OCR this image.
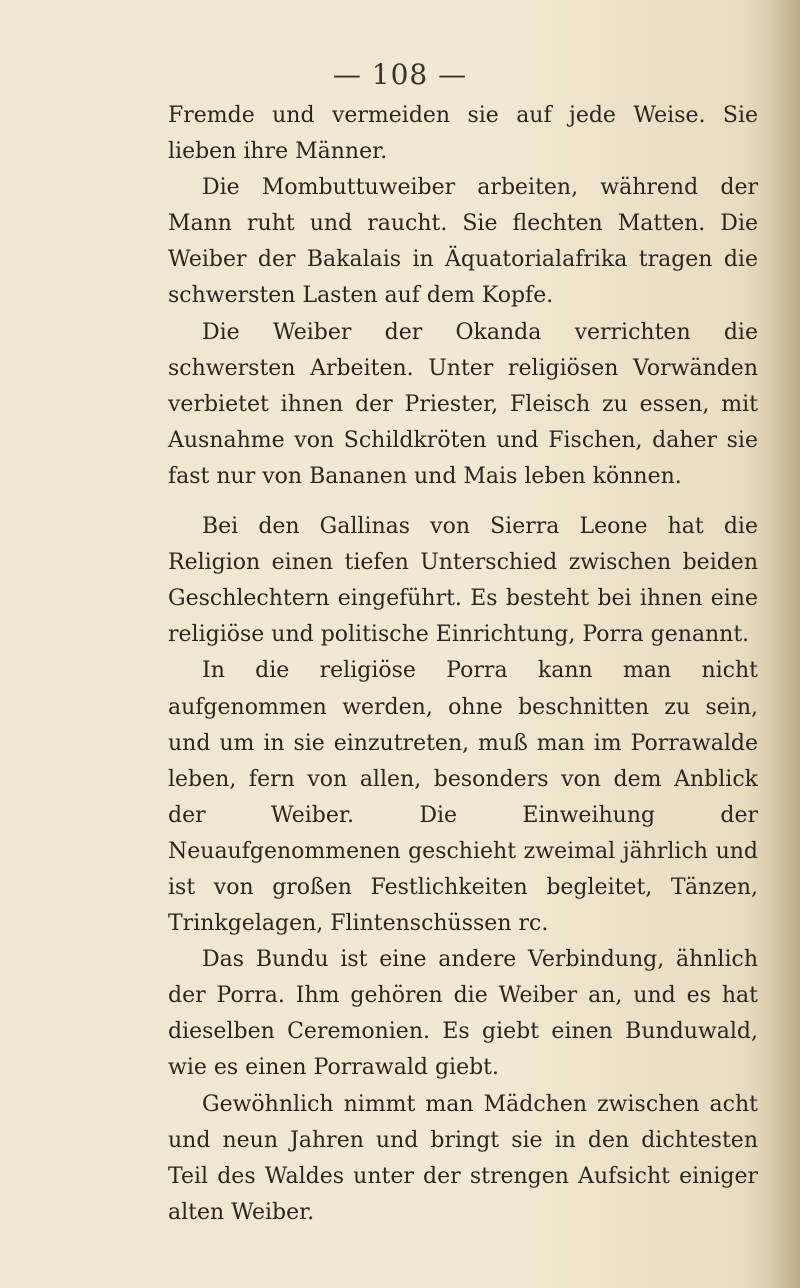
— 108 —

Fremde und vermeiden sie auf jede Weise. Sie lieben ihre Männer.

Die Mombuttuweiber arbeiten, während der Mann ruht und raucht. Sie flechten Matten. Die Weiber der Bakalais in Äquatorialafrika tragen die schwersten Lasten auf dem Kopfe.

Die Weiber der Okanda verrichten die schwersten Arbeiten. Unter religiösen Vorwänden verbietet ihnen der Priester, Fleisch zu essen, mit Ausnahme von Schildkröten und Fischen, daher sie fast nur von Bananen und Mais leben können.

Bei den Gallinas von Sierra Leone hat die Religion einen tiefen Unterschied zwischen beiden Geschlechtern eingeführt. Es besteht bei ihnen eine religiöse und politische Einrichtung, Porra genannt.

In die religiöse Porra kann man nicht aufgenommen werden, ohne beschnitten zu sein, und um in sie einzutreten, muß man im Porrawalde leben, fern von allen, besonders von dem Anblick der Weiber. Die Einweihung der Neuaufgenommenen geschieht zweimal jährlich und ist von großen Festlichkeiten begleitet, Tänzen, Trinkgelagen, Flintenschüssen rc.

Das Bundu ist eine andere Verbindung, ähnlich der Porra. Ihm gehören die Weiber an, und es hat dieselben Ceremonien. Es giebt einen Bunduwald, wie es einen Porrawald giebt.

Gewöhnlich nimmt man Mädchen zwischen acht und neun Jahren und bringt sie in den dichtesten Teil des Waldes unter der strengen Aufsicht einiger alten Weiber.
